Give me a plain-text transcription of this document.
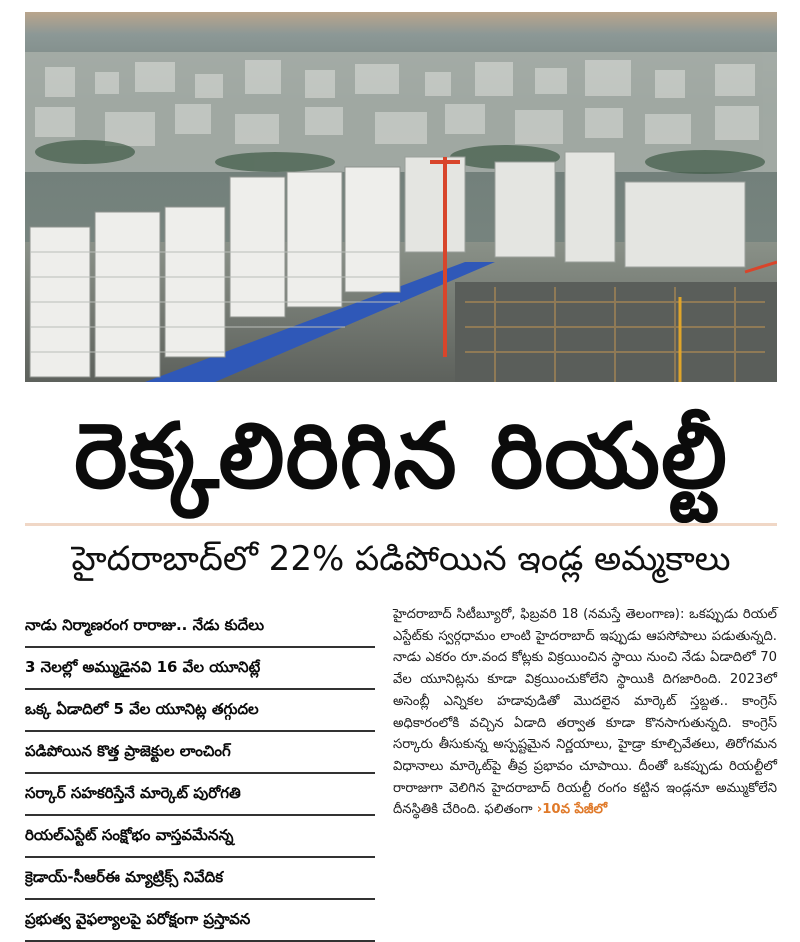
రెక్కలిరిగిన రియల్టీ
హైదరాబాద్‌లో 22% పడిపోయిన ఇండ్ల అమ్మకాలు
నాడు నిర్మాణరంగ రారాజు.. నేడు కుదేలు
3 నెలల్లో అమ్ముడైనవి 16 వేల యూనిట్లే
ఒక్క ఏడాదిలో 5 వేల యూనిట్ల తగ్గుదల
పడిపోయిన కొత్త ప్రాజెక్టుల లాంచింగ్
సర్కార్ సహకరిస్తేనే మార్కెట్ పురోగతి
రియల్‌ఎస్టేట్ సంక్షోభం వాస్తవమేనన్న
క్రెడాయ్-సీఆర్ఈ మ్యాట్రిక్స్ నివేదిక
ప్రభుత్వ వైఫల్యాలపై పరోక్షంగా ప్రస్తావన
హైదరాబాద్ సిటీబ్యూరో, ఫిబ్రవరి 18 (నమస్తే తెలంగాణ): ఒకప్పుడు రియల్ ఎస్టేట్‌కు స్వర్గధామం లాంటి హైదరాబాద్ ఇప్పుడు ఆపసోపాలు పడుతున్నది. నాడు ఎకరం రూ.వంద కోట్లకు విక్రయించిన స్థాయి నుంచి నేడు ఏడాదిలో 70 వేల యూనిట్లను కూడా విక్రయించుకోలేని స్థాయికి దిగజారింది. 2023లో అసెంబ్లీ ఎన్నికల హడావుడితో మొదలైన మార్కెట్ స్తబ్దత.. కాంగ్రెస్ అధికారంలోకి వచ్చిన ఏడాది తర్వాత కూడా కొనసాగుతున్నది. కాంగ్రెస్ సర్కారు తీసుకున్న అస్పష్టమైన నిర్ణయాలు, హైడ్రా కూల్చివేతలు, తిరోగమన విధానాలు మార్కెట్‌పై తీవ్ర ప్రభావం చూపాయి. దీంతో ఒకప్పుడు రియల్టీలో రారాజుగా వెలిగిన హైదరాబాద్ రియల్టీ రంగం కట్టిన ఇండ్లనూ అమ్ముకోలేని దీనస్థితికి చేరింది. ఫలితంగా ›10వ పేజీలో
